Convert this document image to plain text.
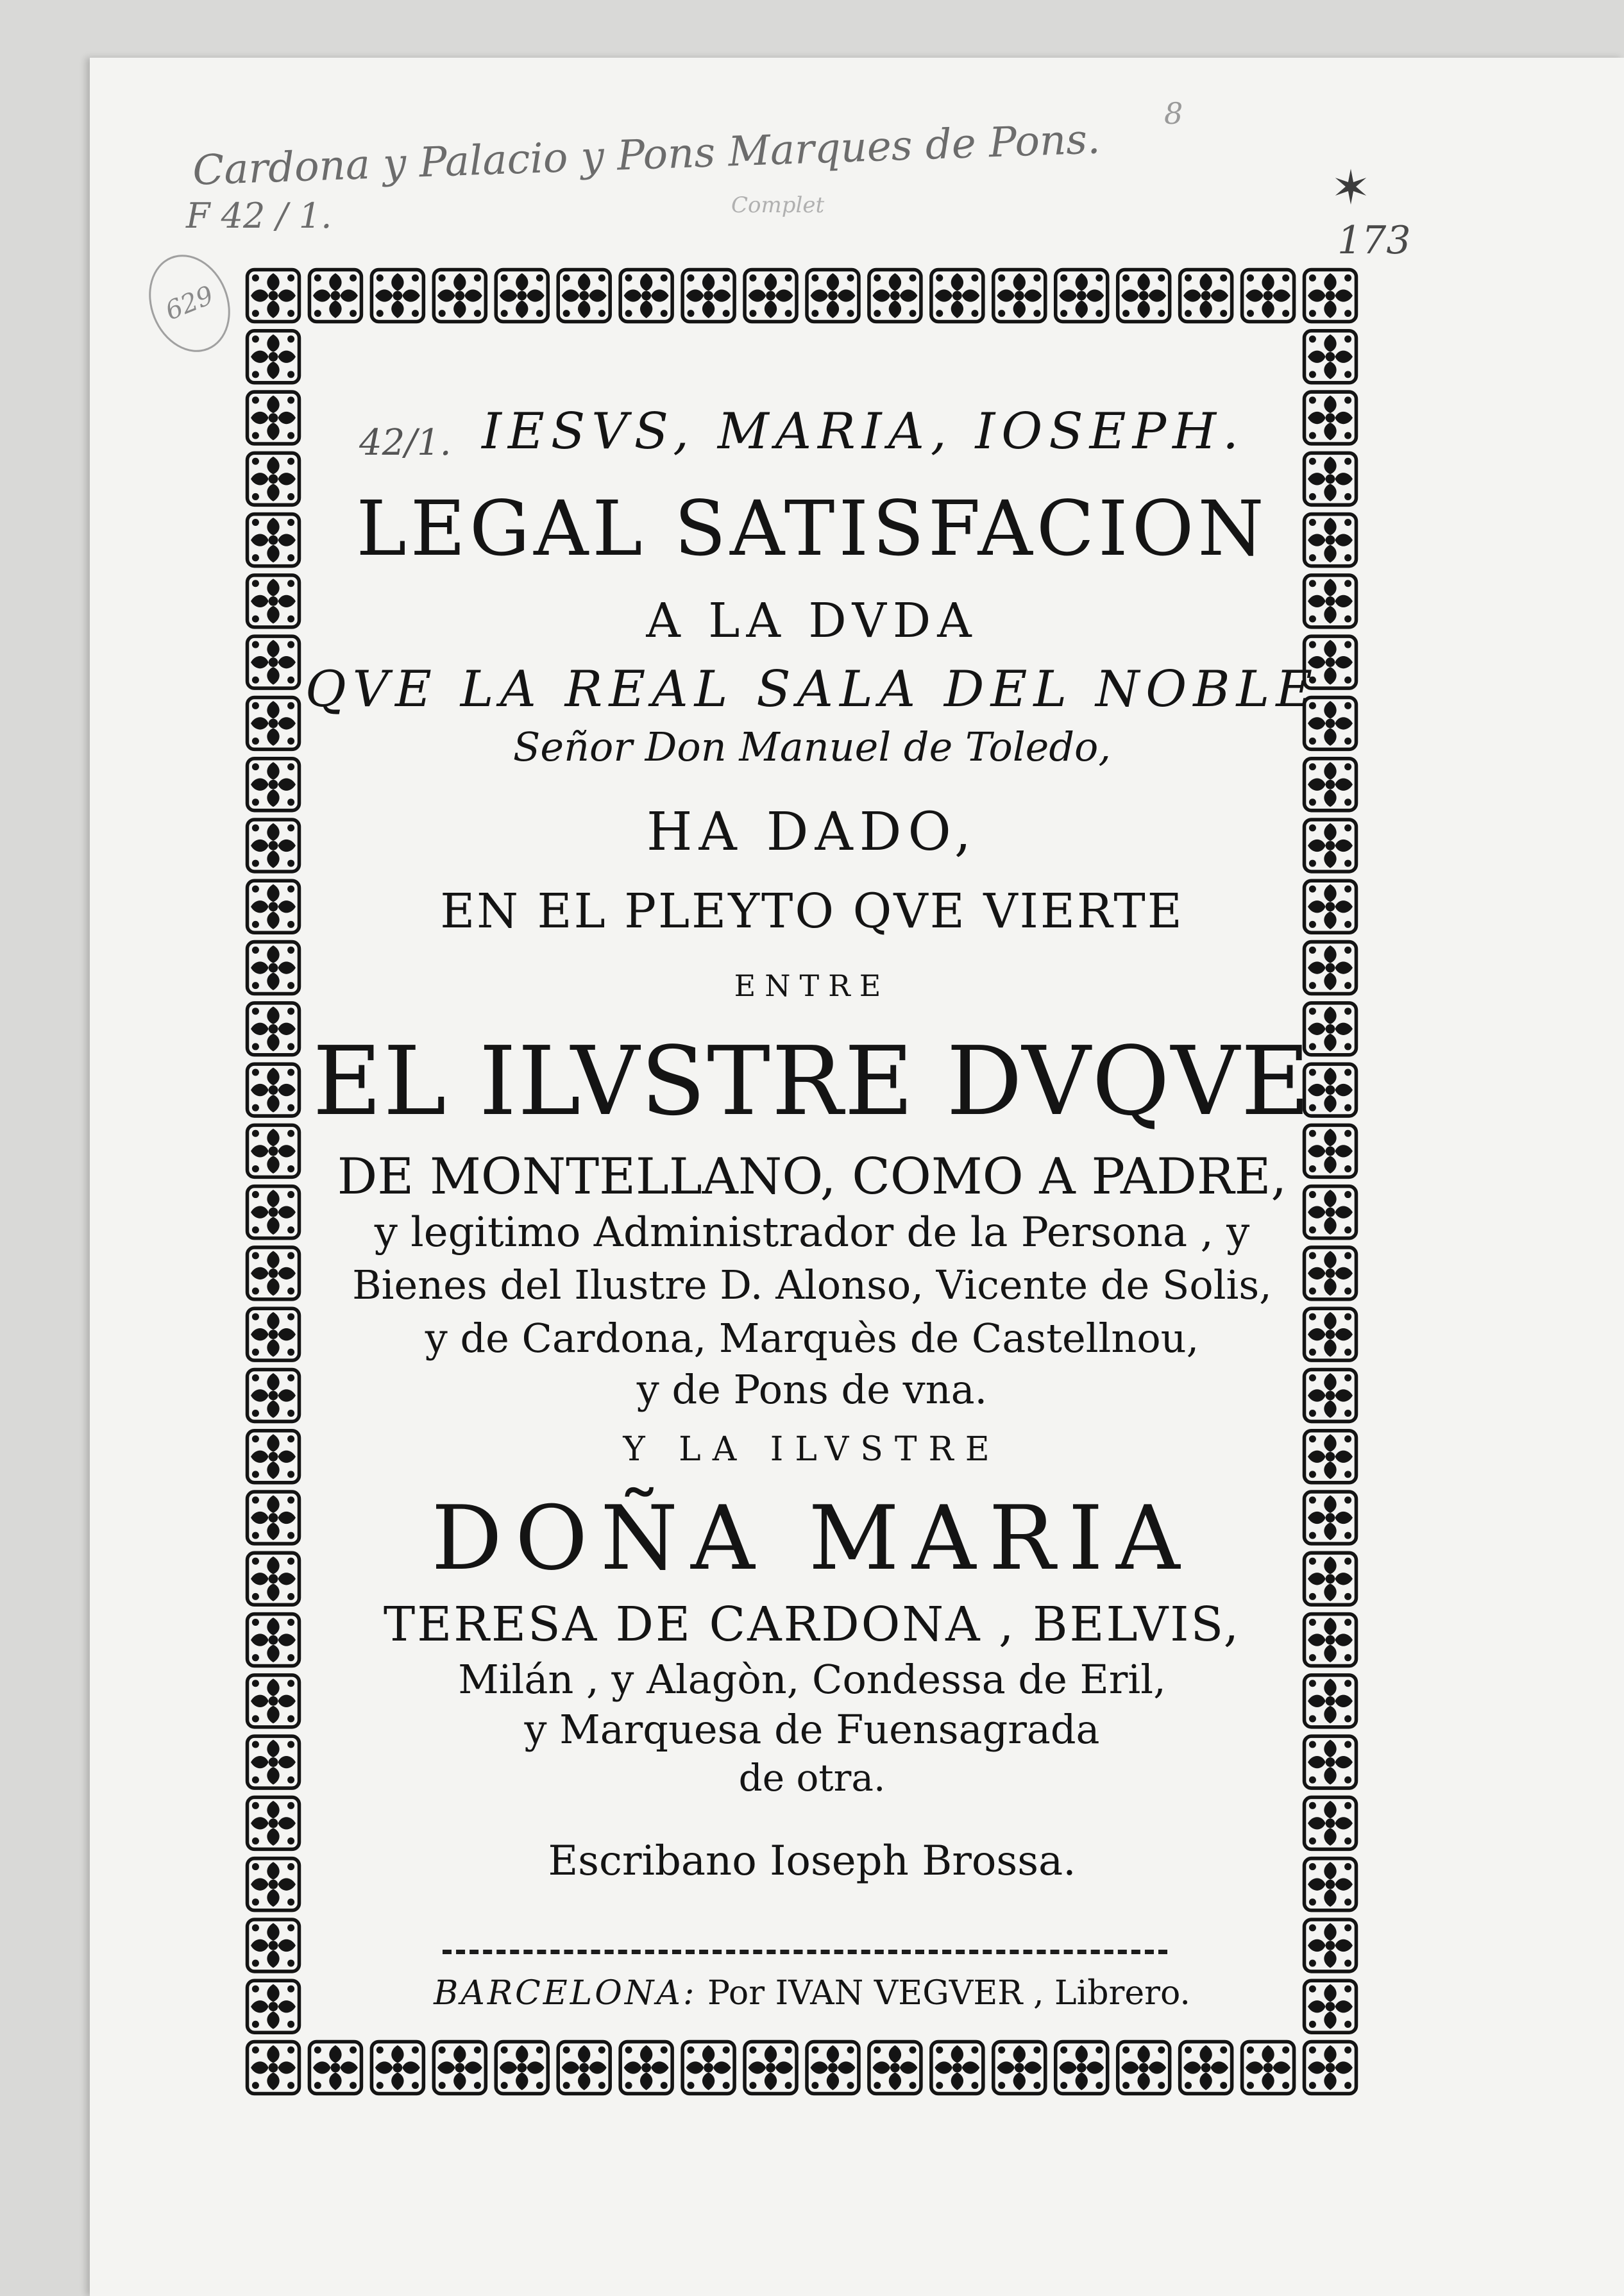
Cardona y Palacio y Pons Marques de Pons.
F 42 / 1.
629
Complet
8
✶
173
42/1. IESVS, MARIA, IOSEPH.
LEGAL SATISFACION
A LA DVDA
QVE LA REAL SALA DEL NOBLE
Señor Don Manuel de Toledo,
HA DADO,
EN EL PLEYTO QVE VIERTE
ENTRE
EL ILVSTRE DVQVE
DE MONTELLANO, COMO A PADRE,
y legitimo Administrador de la Persona , y
Bienes del Ilustre D. Alonso, Vicente de Solis,
y de Cardona, Marquès de Castellnou,
y de Pons de vna.
Y LA ILVSTRE
DOÑA MARIA
TERESA DE CARDONA , BELVIS,
Milán , y Alagòn, Condessa de Eril,
y Marquesa de Fuensagrada
de otra.
Escribano Ioseph Brossa.
BARCELONA: Por IVAN VEGVER , Librero.
